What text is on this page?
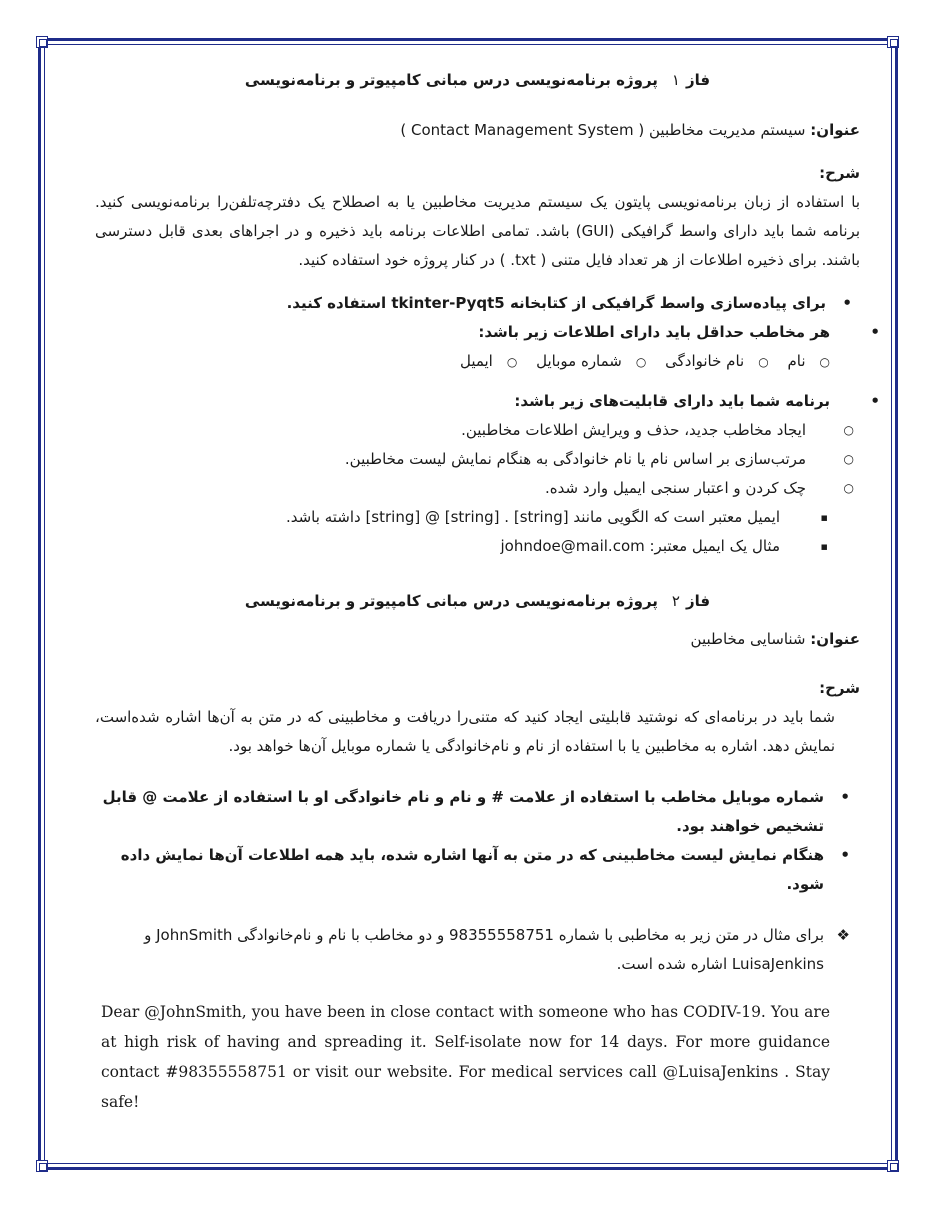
فاز۱پروژه برنامه‌نویسی درس مبانی کامپیوتر و برنامه‌نویسی

عنوان: سیستم مدیریت مخاطبین ( Contact Management System )

شرح:

با استفاده از زبان برنامه‌نویسی پایتون یک سیستم مدیریت مخاطبین یا به اصطلاح یک دفترچه‌تلفن‌را برنامه‌نویسی کنید. برنامه شما باید دارای واسط گرافیکی (GUI) باشد. تمامی اطلاعات برنامه باید ذخیره و در اجراهای بعدی قابل دسترسی باشند. برای ذخیره اطلاعات از هر تعداد فایل متنی ( txt. ) در کنار پروژه خود استفاده کنید.

• برای پیاده‌سازی واسط گرافیکی از کتابخانه tkinter-Pyqt5 استفاده کنید.
• هر مخاطب حداقل باید دارای اطلاعات زیر باشد:
○نام ○نام خانوادگی ○شماره موبایل ○ایمیل
• برنامه شما باید دارای قابلیت‌های زیر باشد:
○ ایجاد مخاطب جدید، حذف و ویرایش اطلاعات مخاطبین.
○ مرتب‌سازی بر اساس نام یا نام خانوادگی به هنگام نمایش لیست مخاطبین.
○ چک کردن و اعتبار سنجی ایمیل وارد شده.
▪ ایمیل معتبر است که الگویی مانند [string] . [string] @ [string] داشته باشد.
▪ مثال یک ایمیل معتبر: johndoe@mail.com

فاز۲پروژه برنامه‌نویسی درس مبانی کامپیوتر و برنامه‌نویسی

عنوان: شناسایی مخاطبین

شرح:

شما باید در برنامه‌ای که نوشتید قابلیتی ایجاد کنید که متنی‌را دریافت و مخاطبینی که در متن به آن‌ها اشاره شده‌است، نمایش دهد. اشاره به مخاطبین یا با استفاده از نام و نام‌خانوادگی یا شماره موبایل آن‌ها خواهد بود.

• شماره موبایل مخاطب با استفاده از علامت # و نام و نام خانوادگی او با استفاده از علامت @ قابل تشخیص خواهند بود.
• هنگام نمایش لیست مخاطبینی که در متن به آنها اشاره شده، باید همه اطلاعات آن‌ها نمایش داده شود.
❖ برای مثال در متن زیر به مخاطبی با شماره 98355558751 و دو مخاطب با نام و نام‌خانوادگی JohnSmith و LuisaJenkins اشاره شده است.

Dear @JohnSmith, you have been in close contact with someone who has CODIV-19. You are at high risk of having and spreading it. Self-isolate now for 14 days. For more guidance contact #98355558751 or visit our website. For medical services call @LuisaJenkins . Stay safe!
